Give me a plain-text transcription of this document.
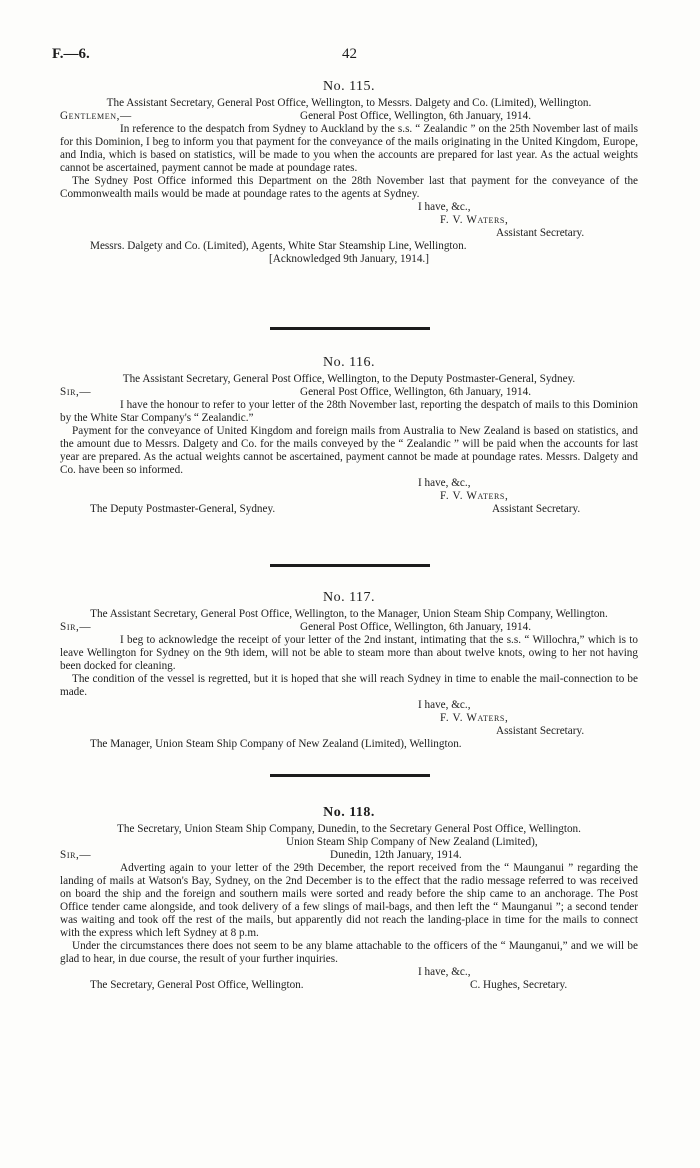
F.—6.	42
No. 115.
The Assistant Secretary, General Post Office, Wellington, to Messrs. Dalgety and Co. (Limited), Wellington.
Gentlemen,—	General Post Office, Wellington, 6th January, 1914.

In reference to the despatch from Sydney to Auckland by the s.s. “ Zealandic ” on the 25th November last of mails for this Dominion, I beg to inform you that payment for the conveyance of the mails originating in the United Kingdom, Europe, and India, which is based on statistics, will be made to you when the accounts are prepared for last year. As the actual weights cannot be ascertained, payment cannot be made at poundage rates.

The Sydney Post Office informed this Department on the 28th November last that payment for the conveyance of the Commonwealth mails would be made at poundage rates to the agents at Sydney.

I have, &c.,
F. V. Waters,
Assistant Secretary.
Messrs. Dalgety and Co. (Limited), Agents, White Star Steamship Line, Wellington.
[Acknowledged 9th January, 1914.]
No. 116.
The Assistant Secretary, General Post Office, Wellington, to the Deputy Postmaster-General, Sydney.
Sir,—	General Post Office, Wellington, 6th January, 1914.

I have the honour to refer to your letter of the 28th November last, reporting the despatch of mails to this Dominion by the White Star Company's “ Zealandic.”

Payment for the conveyance of United Kingdom and foreign mails from Australia to New Zealand is based on statistics, and the amount due to Messrs. Dalgety and Co. for the mails conveyed by the “ Zealandic ” will be paid when the accounts for last year are prepared. As the actual weights cannot be ascertained, payment cannot be made at poundage rates. Messrs. Dalgety and Co. have been so informed.

I have, &c.,
F. V. Waters,
The Deputy Postmaster-General, Sydney.	Assistant Secretary.
No. 117.
The Assistant Secretary, General Post Office, Wellington, to the Manager, Union Steam Ship Company, Wellington.
Sir,—	General Post Office, Wellington, 6th January, 1914.

I beg to acknowledge the receipt of your letter of the 2nd instant, intimating that the s.s. “ Willochra,” which is to leave Wellington for Sydney on the 9th idem, will not be able to steam more than about twelve knots, owing to her not having been docked for cleaning.

The condition of the vessel is regretted, but it is hoped that she will reach Sydney in time to enable the mail-connection to be made.

I have, &c.,
F. V. Waters,
Assistant Secretary.
The Manager, Union Steam Ship Company of New Zealand (Limited), Wellington.
No. 118.
The Secretary, Union Steam Ship Company, Dunedin, to the Secretary General Post Office, Wellington.
Union Steam Ship Company of New Zealand (Limited),
Sir,—	Dunedin, 12th January, 1914.

Adverting again to your letter of the 29th December, the report received from the “ Maunganui ” regarding the landing of mails at Watson's Bay, Sydney, on the 2nd December is to the effect that the radio message referred to was received on board the ship and the foreign and southern mails were sorted and ready before the ship came to an anchorage. The Post Office tender came alongside, and took delivery of a few slings of mail-bags, and then left the “ Maunganui ”; a second tender was waiting and took off the rest of the mails, but apparently did not reach the landing-place in time for the mails to connect with the express which left Sydney at 8 p.m.

Under the circumstances there does not seem to be any blame attachable to the officers of the “ Maunganui,” and we will be glad to hear, in due course, the result of your further inquiries.

I have, &c.,
The Secretary, General Post Office, Wellington.	C. Hughes, Secretary.
